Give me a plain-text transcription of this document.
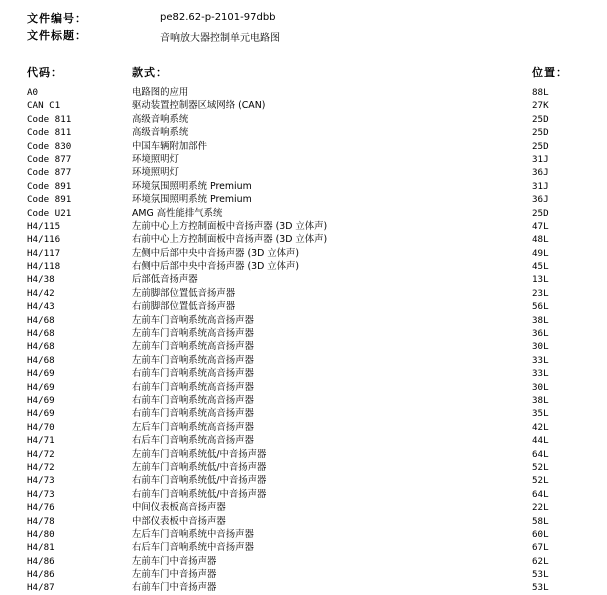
文件编号：	pe82.62-p-2101-97dbb
文件标题：	音响放大器控制单元电路图
代码：	款式：	位置：
A0	电路图的应用	88L
CAN C1	驱动装置控制器区域网络 (CAN)	27K
Code 811	高级音响系统	25D
Code 811	高级音响系统	25D
Code 830	中国车辆附加部件	25D
Code 877	环境照明灯	31J
Code 877	环境照明灯	36J
Code 891	环境氛围照明系统 Premium	31J
Code 891	环境氛围照明系统 Premium	36J
Code U21	AMG 高性能排气系统	25D
H4/115	左前中心上方控制面板中音扬声器 (3D 立体声)	47L
H4/116	右前中心上方控制面板中音扬声器 (3D 立体声)	48L
H4/117	左侧中后部中央中音扬声器 (3D 立体声)	49L
H4/118	右侧中后部中央中音扬声器 (3D 立体声)	45L
H4/38	后部低音扬声器	13L
H4/42	左前脚部位置低音扬声器	23L
H4/43	右前脚部位置低音扬声器	56L
H4/68	左前车门音响系统高音扬声器	38L
H4/68	左前车门音响系统高音扬声器	36L
H4/68	左前车门音响系统高音扬声器	30L
H4/68	左前车门音响系统高音扬声器	33L
H4/69	右前车门音响系统高音扬声器	33L
H4/69	右前车门音响系统高音扬声器	30L
H4/69	右前车门音响系统高音扬声器	38L
H4/69	右前车门音响系统高音扬声器	35L
H4/70	左后车门音响系统高音扬声器	42L
H4/71	右后车门音响系统高音扬声器	44L
H4/72	左前车门音响系统低/中音扬声器	64L
H4/72	左前车门音响系统低/中音扬声器	52L
H4/73	右前车门音响系统低/中音扬声器	52L
H4/73	右前车门音响系统低/中音扬声器	64L
H4/76	中间仪表板高音扬声器	22L
H4/78	中部仪表板中音扬声器	58L
H4/80	左后车门音响系统中音扬声器	60L
H4/81	右后车门音响系统中音扬声器	67L
H4/86	左前车门中音扬声器	62L
H4/86	左前车门中音扬声器	53L
H4/87	右前车门中音扬声器	53L
